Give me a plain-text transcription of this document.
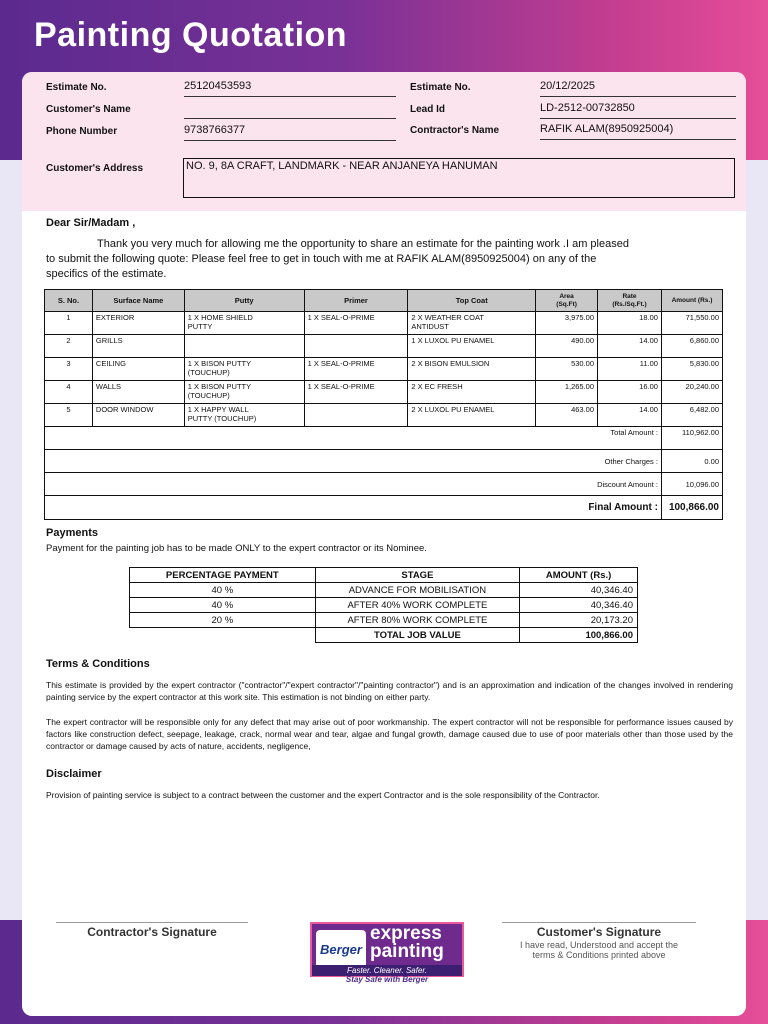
Painting Quotation
Estimate No.	25120453593
Customer's Name
Phone Number	9738766377
Estimate No.	20/12/2025
Lead Id	LD-2512-00732850
Contractor's Name	RAFIK ALAM(8950925004)
Customer's Address	NO. 9, 8A CRAFT, LANDMARK - NEAR ANJANEYA HANUMAN
Dear Sir/Madam ,
Thank you very much for allowing me the opportunity to share an estimate for the painting work .I am pleased
to submit the following quote: Please feel free to get in touch with me at RAFIK ALAM(8950925004) on any of the
specifics of the estimate.
S. No.	Surface Name	Putty	Primer	Top Coat	Area
(Sq.Ft)	Rate
(Rs./Sq.Ft.)	Amount (Rs.)
1	EXTERIOR	1 X HOME SHIELD
PUTTY	1 X SEAL-O-PRIME	2 X WEATHER COAT
ANTIDUST	3,975.00	18.00	71,550.00
2	GRILLS			1 X LUXOL PU ENAMEL	490.00	14.00	6,860.00
3	CEILING	1 X BISON PUTTY
(TOUCHUP)	1 X SEAL-O-PRIME	2 X BISON EMULSION	530.00	11.00	5,830.00
4	WALLS	1 X BISON PUTTY
(TOUCHUP)	1 X SEAL-O-PRIME	2 X EC FRESH	1,265.00	16.00	20,240.00
5	DOOR WINDOW	1 X HAPPY WALL
PUTTY (TOUCHUP)		2 X LUXOL PU ENAMEL	463.00	14.00	6,482.00
Total Amount :							110,962.00
Other Charges :							0.00
Discount Amount :							10,096.00
Final Amount :							100,866.00
Payments
Payment for the painting job has to be made ONLY to the expert contractor or its Nominee.
PERCENTAGE PAYMENT	STAGE	AMOUNT (Rs.)
40 %	ADVANCE FOR MOBILISATION	40,346.40
40 %	AFTER 40% WORK COMPLETE	40,346.40
20 %	AFTER 80% WORK COMPLETE	20,173.20
	TOTAL JOB VALUE	100,866.00
Terms & Conditions
This estimate is provided by the expert contractor ("contractor"/"expert contractor"/"painting contractor") and is an approximation and indication of the changes involved in rendering painting service by the expert contractor at this work site. This estimation is not binding on either party.
The expert contractor will be responsible only for any defect that may arise out of poor workmanship. The expert contractor will not be responsible for performance issues caused by factors like construction defect, seepage, leakage, crack, normal wear and tear, algae and fungal growth, damage caused due to use of poor materials other than those used by the contractor or damage caused by acts of nature, accidents, negligence,
Disclaimer
Provision of painting service is subject to a contract between the customer and the expert Contractor and is the sole responsibility of the Contractor.
Contractor's Signature	Customer's Signature
I have read, Understood and accept the
terms & Conditions printed above
Berger
express
painting
Faster. Cleaner. Safer.
Stay Safe with Berger
